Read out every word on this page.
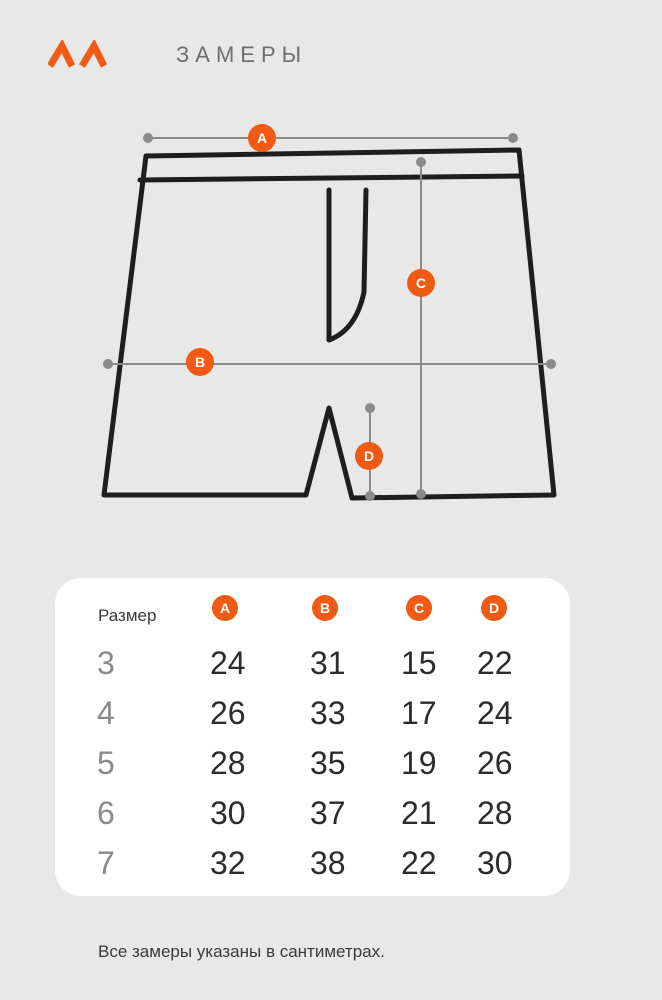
ЗАМЕРЫ
A
B
C
D
Размер	A	B	C	D
3	24 31 15 22
4	26 33 17 24
5	28 35 19 26
6	30 37 21 28
7	32 38 22 30
Все замеры указаны в сантиметрах.
